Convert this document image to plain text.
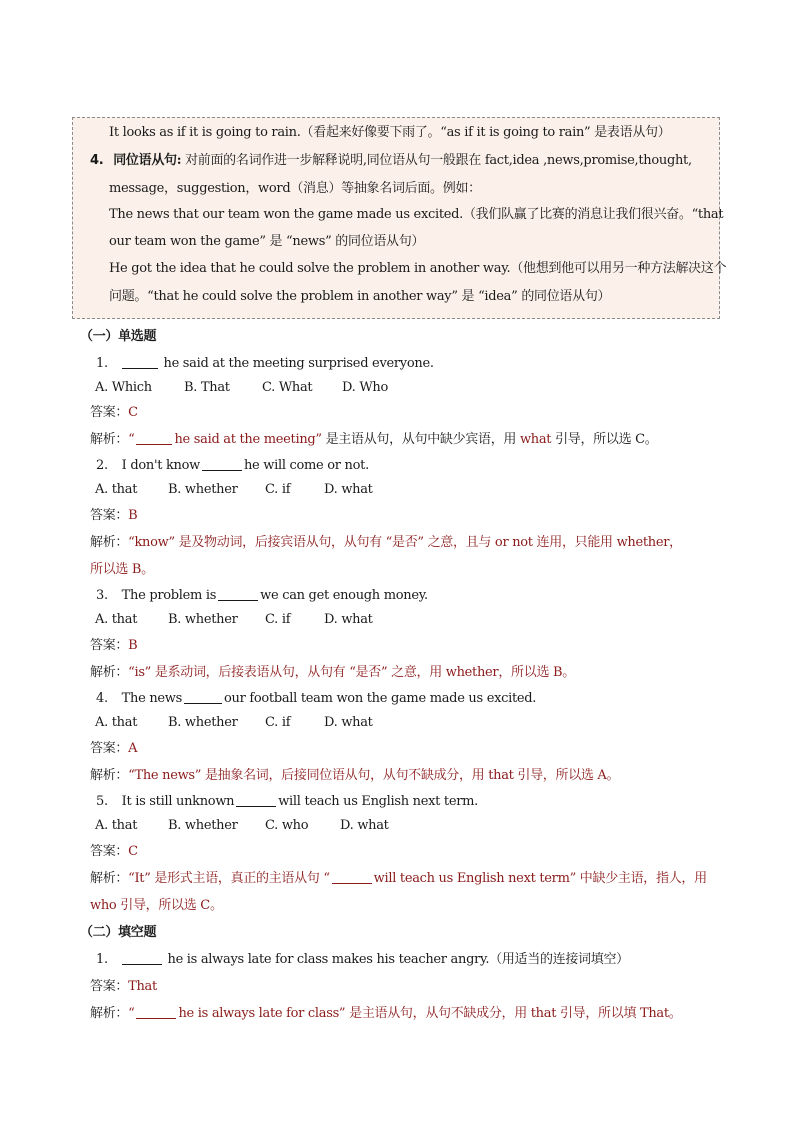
It looks as if it is going to rain.（看起来好像要下雨了。“as if it is going to rain” 是表语从句）
4. 同位语从句: 对前面的名词作进一步解释说明,同位语从句一般跟在 fact,idea ,news,promise,thought,
message，suggestion，word（消息）等抽象名词后面。例如：
The news that our team won the game made us excited.（我们队赢了比赛的消息让我们很兴奋。“that
our team won the game” 是 “news” 的同位语从句）
He got the idea that he could solve the problem in another way.（他想到他可以用另一种方法解决这个
问题。“that he could solve the problem in another way” 是 “idea” 的同位语从句）
（一）单选题
1.	he said at the meeting surprised everyone.
A. Which B. That C. What D. Who
答案：C
解析：“	he said at the meeting” 是主语从句，从句中缺少宾语，用 what 引导，所以选 C。
2. I don't know	he will come or not.
A. that B. whether C. if	D. what
答案：B
解析：“know” 是及物动词，后接宾语从句，从句有 “是否” 之意，且与 or not 连用，只能用 whether，
所以选 B。
3. The problem is	we can get enough money.
A. that B. whether C. if	D. what
答案：B
解析：“is” 是系动词，后接表语从句，从句有 “是否” 之意，用 whether，所以选 B。
4. The news	our football team won the game made us excited.
A. that B. whether C. if	D. what
答案：A
解析：“The news” 是抽象名词，后接同位语从句，从句不缺成分，用 that 引导，所以选 A。
5. It is still unknown	will teach us English next term.
A. that B. whether C. who D. what
答案：C
解析：“It” 是形式主语，真正的主语从句 “	will teach us English next term” 中缺少主语，指人，用
who 引导，所以选 C。
（二）填空题
1.	he is always late for class makes his teacher angry.（用适当的连接词填空）
答案：That
解析：“	he is always late for class” 是主语从句，从句不缺成分，用 that 引导，所以填 That。
